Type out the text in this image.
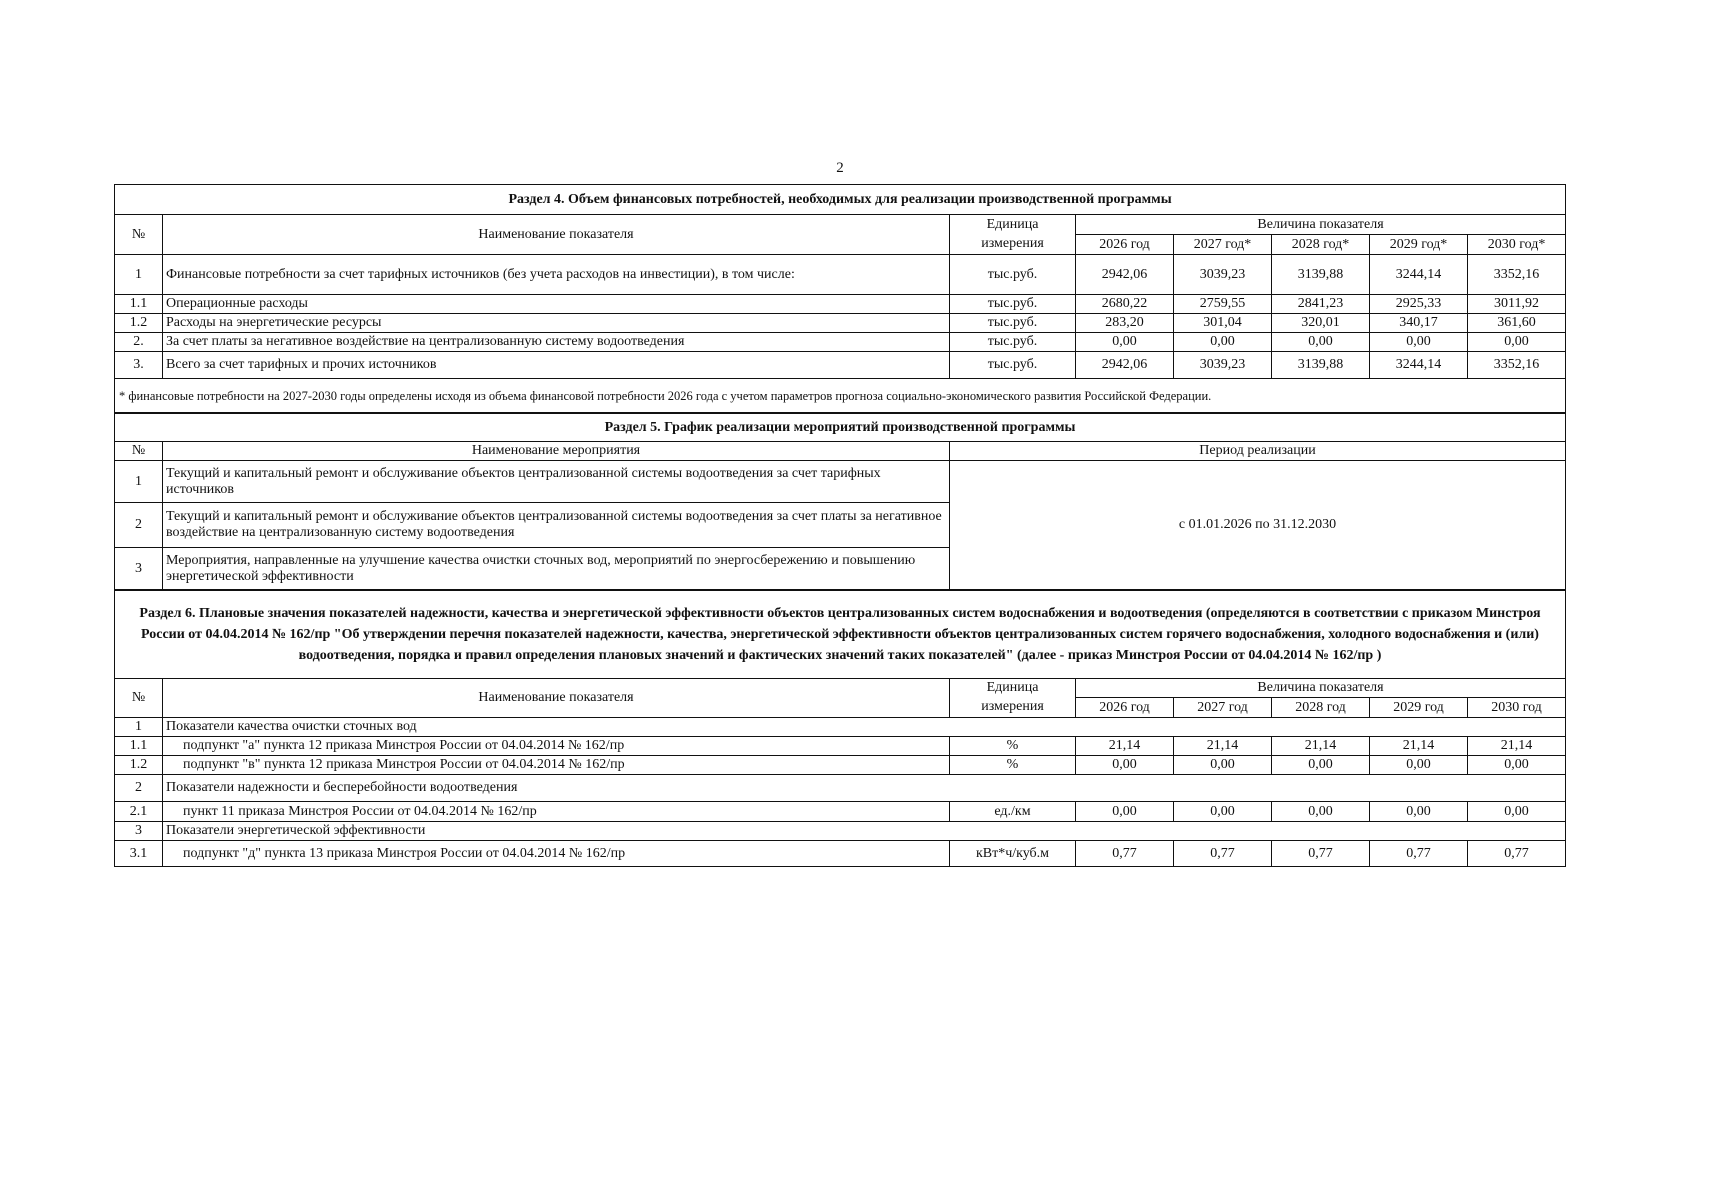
2
Раздел 4. Объем финансовых потребностей, необходимых для реализации производственной программы							
№	Наименование показателя	Единица	Величина показателя				
		измерения	2026 год	2027 год*	2028 год*	2029 год*	2030 год*
1	Финансовые потребности за счет тарифных источников (без учета расходов на инвестиции), в том числе:	тыс.руб.	2942,06	3039,23	3139,88	3244,14	3352,16
1.1	Операционные расходы	тыс.руб.	2680,22	2759,55	2841,23	2925,33	3011,92
1.2	Расходы на энергетические ресурсы	тыс.руб.	283,20	301,04	320,01	340,17	361,60
2.	За счет платы за негативное воздействие на централизованную систему водоотведения	тыс.руб.	0,00	0,00	0,00	0,00	0,00
3.	Всего за счет тарифных и прочих источников	тыс.руб.	2942,06	3039,23	3139,88	3244,14	3352,16
* финансовые потребности на 2027-2030 годы определены исходя из объема финансовой потребности 2026 года с учетом параметров прогноза социально-экономического развития Российской Федерации.							
Раздел 5. График реализации мероприятий производственной программы		
№	Наименование мероприятия	Период реализации
1	Текущий и капитальный ремонт и обслуживание объектов централизованной системы водоотведения за счет тарифных источников	с 01.01.2026 по 31.12.2030
2	Текущий и капитальный ремонт и обслуживание объектов централизованной системы водоотведения за счет платы за негативное воздействие на централизованную систему водоотведения	
3	Мероприятия, направленные на улучшение качества очистки сточных вод, мероприятий по энергосбережению и повышению энергетической эффективности	
Раздел 6. Плановые значения показателей надежности, качества и энергетической эффективности объектов централизованных систем водоснабжения и водоотведения (определяются в соответствии с приказом Минстроя России от 04.04.2014 № 162/пр "Об утверждении перечня показателей надежности, качества, энергетической эффективности объектов централизованных систем горячего водоснабжения, холодного водоснабжения и (или) водоотведения, порядка и правил определения плановых значений и фактических значений таких показателей" (далее - приказ Минстроя России от 04.04.2014 № 162/пр )							
№	Наименование показателя	Единица	Величина показателя				
		измерения	2026 год	2027 год	2028 год	2029 год	2030 год
1	Показатели качества очистки сточных вод						
1.1	подпункт "а" пункта 12 приказа Минстроя России от 04.04.2014 № 162/пр	%	21,14	21,14	21,14	21,14	21,14
1.2	подпункт "в" пункта 12 приказа Минстроя России от 04.04.2014 № 162/пр	%	0,00	0,00	0,00	0,00	0,00
2	Показатели надежности и бесперебойности водоотведения						
2.1	пункт 11 приказа Минстроя России от 04.04.2014 № 162/пр	ед./км	0,00	0,00	0,00	0,00	0,00
3	Показатели энергетической эффективности						
3.1	подпункт "д" пункта 13 приказа Минстроя России от 04.04.2014 № 162/пр	кВт*ч/куб.м	0,77	0,77	0,77	0,77	0,77
